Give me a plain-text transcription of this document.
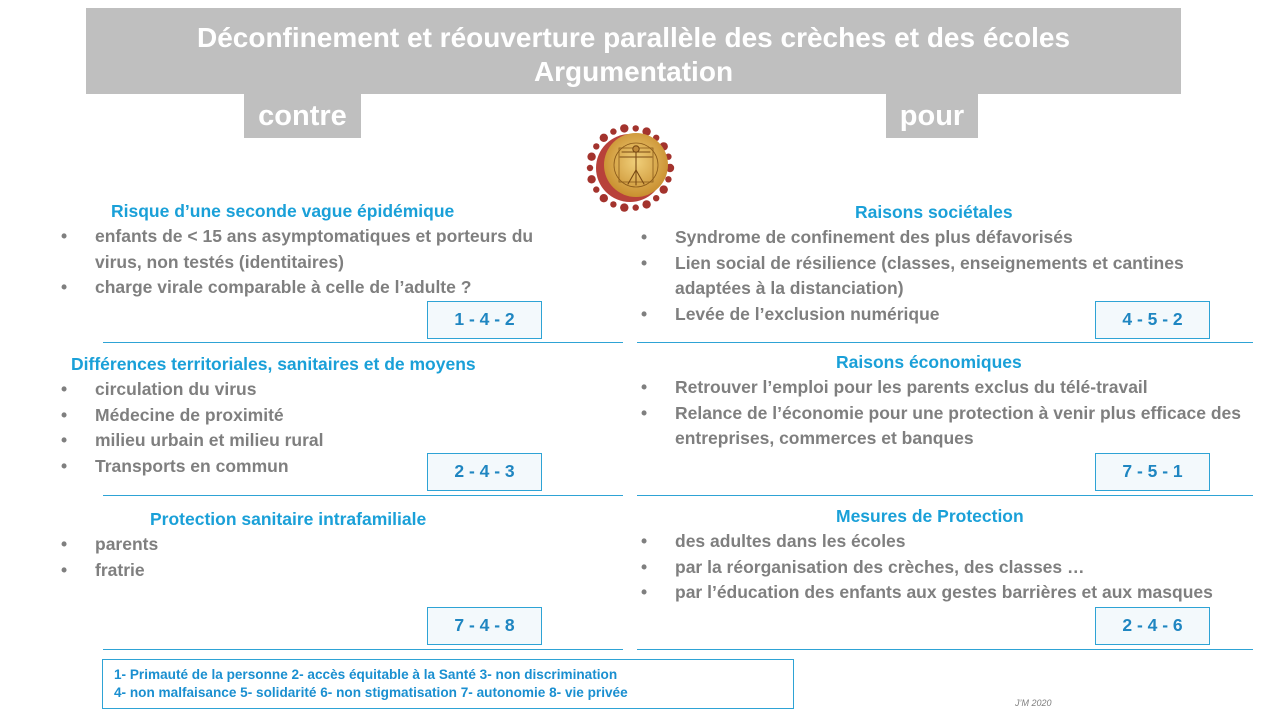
Déconfinement et réouverture parallèle des crèches et des écoles
Argumentation
contre	pour
Risque d’une seconde vague épidémique
• enfants de < 15 ans asymptomatiques et porteurs du virus, non testés (identitaires)
• charge virale comparable à celle de l’adulte ?
1 - 4 - 2
Différences territoriales, sanitaires et de moyens
• circulation du virus
• Médecine de proximité
• milieu urbain et milieu rural
• Transports en commun	2 - 4 - 3
Protection sanitaire intrafamiliale
• parents
• fratrie
7 - 4 - 8
Raisons sociétales
• Syndrome de confinement des plus défavorisés
• Lien social de résilience (classes, enseignements et cantines adaptées à la distanciation)
• Levée de l’exclusion numérique	4 - 5 - 2
Raisons économiques
• Retrouver l’emploi pour les parents exclus du télé-travail
• Relance de l’économie pour une protection à venir plus efficace des entreprises, commerces et banques
7 - 5 - 1
Mesures de Protection
• des adultes dans les écoles
• par la réorganisation des crèches, des classes …
• par l’éducation des enfants aux gestes barrières et aux masques
2 - 4 - 6
1- Primauté de la personne 2- accès équitable à la Santé 3- non discrimination
4- non malfaisance 5- solidarité 6- non stigmatisation 7- autonomie 8- vie privée
J’M 2020
